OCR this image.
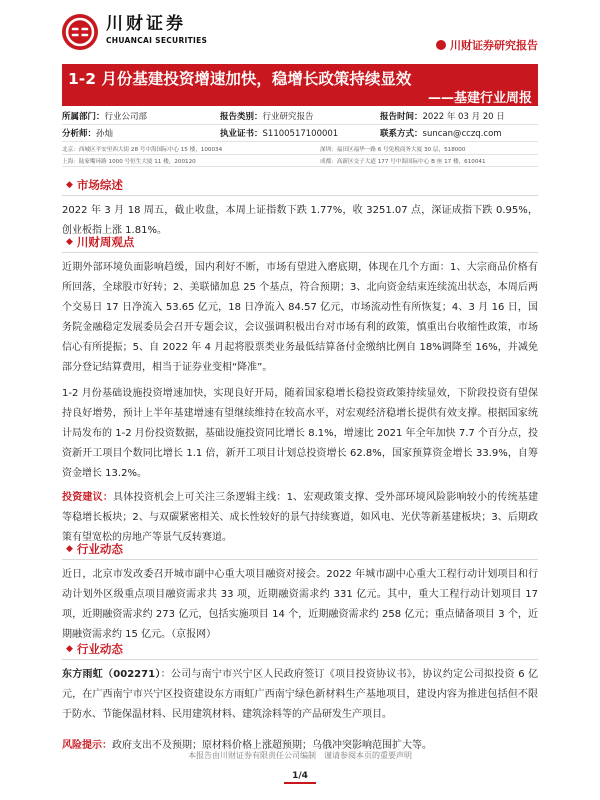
川财证券
CHUANCAI SECURITIES	川财证券研究报告
1-2 月份基建投资增速加快，稳增长政策持续显效
——基建行业周报
所属部门：行业公司部	报告类别：行业研究报告	报告时间：2022 年 03 月 20 日
分析师：孙灿	执业证书：S1100517100001	联系方式：suncan@cczq.com
北京：西城区平安里西大街 28 号中海国际中心 15 楼，100034	深圳：福田区福华一路 6 号免税商务大厦 30 层，518000
上海：陆家嘴环路 1000 号恒生大厦 11 楼，200120	成都：高新区交子大道 177 号中海国际中心 B 座 17 楼，610041
◆ 市场综述
2022 年 3 月 18 周五，截止收盘，本周上证指数下跌 1.77%，收 3251.07 点，深证成指下跌 0.95%，创业板指上涨 1.81%。
◆ 川财周观点
近期外部环境负面影响趋缓，国内利好不断，市场有望进入磨底期，体现在几个方面：1、大宗商品价格有所回落，全球股市好转；2、美联储加息 25 个基点，符合预期；3、北向资金结束连续流出状态，本周后两个交易日 17 日净流入 53.65 亿元，18 日净流入 84.57 亿元，市场流动性有所恢复；4、3 月 16 日，国务院金融稳定发展委员会召开专题会议，会议强调积极出台对市场有利的政策，慎重出台收缩性政策，市场信心有所提振；5、自 2022 年 4 月起将股票类业务最低结算备付金缴纳比例自 18%调降至 16%，并减免部分登记结算费用，相当于证券业变相“降准”。
1-2 月份基础设施投资增速加快，实现良好开局，随着国家稳增长稳投资政策持续显效，下阶段投资有望保持良好增势，预计上半年基建增速有望继续维持在较高水平，对宏观经济稳增长提供有效支撑。根据国家统计局发布的 1-2 月份投资数据，基础设施投资同比增长 8.1%，增速比 2021 年全年加快 7.7 个百分点，投资新开工项目个数同比增长 1.1 倍，新开工项目计划总投资增长 62.8%，国家预算资金增长 33.9%，自筹资金增长 13.2%。
投资建议：具体投资机会上可关注三条逻辑主线：1、宏观政策支撑、受外部环境风险影响较小的传统基建等稳增长板块；2、与双碳紧密相关、成长性较好的景气持续赛道，如风电、光伏等新基建板块；3、后期政策有望宽松的房地产等景气反转赛道。
◆ 行业动态
近日，北京市发改委召开城市副中心重大项目融资对接会。2022 年城市副中心重大工程行动计划项目和行动计划外区级重点项目融资需求共 33 项，近期融资需求约 331 亿元。其中，重大工程行动计划项目 17 项，近期融资需求约 273 亿元，包括实施项目 14 个，近期融资需求约 258 亿元；重点储备项目 3 个，近期融资需求约 15 亿元。（京报网）
◆ 行业动态
东方雨虹（002271）：公司与南宁市兴宁区人民政府签订《项目投资协议书》，协议约定公司拟投资 6 亿元，在广西南宁市兴宁区投资建设东方雨虹广西南宁绿色新材料生产基地项目，建设内容为推进包括但不限于防水、节能保温材料、民用建筑材料、建筑涂料等的产品研发生产项目。
风险提示：政府支出不及预期；原材料价格上涨超预期；乌俄冲突影响范围扩大等。
本报告由川财证券有限责任公司编制　谨请参阅本页的重要声明
1/4
